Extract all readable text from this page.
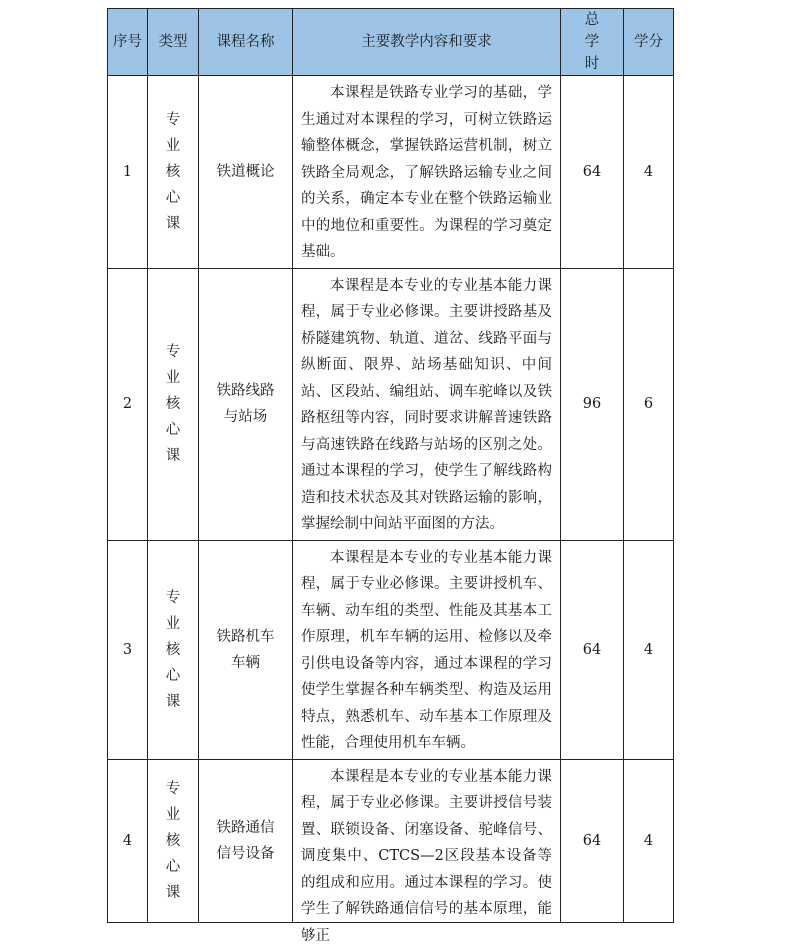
序号	类型	课程名称	主要教学内容和要求	总学时	学分
1	专业核心课	铁道概论	本课程是铁路专业学习的基础，学生通过对本课程的学习，可树立铁路运输整体概念，掌握铁路运营机制，树立铁路全局观念，了解铁路运输专业之间的关系，确定本专业在整个铁路运输业中的地位和重要性。为课程的学习奠定基础。	64	4
2	专业核心课	铁路线路与站场	本课程是本专业的专业基本能力课程，属于专业必修课。主要讲授路基及桥隧建筑物、轨道、道岔、线路平面与纵断面、限界、站场基础知识、中间站、区段站、编组站、调车驼峰以及铁路枢纽等内容，同时要求讲解普速铁路与高速铁路在线路与站场的区别之处。通过本课程的学习，使学生了解线路构造和技术状态及其对铁路运输的影响，掌握绘制中间站平面图的方法。	96	6
3	专业核心课	铁路机车车辆	本课程是本专业的专业基本能力课程，属于专业必修课。主要讲授机车、车辆、动车组的类型、性能及其基本工作原理，机车车辆的运用、检修以及牵引供电设备等内容，通过本课程的学习使学生掌握各种车辆类型、构造及运用特点，熟悉机车、动车基本工作原理及性能，合理使用机车车辆。	64	4
4	专业核心课	铁路通信信号设备	本课程是本专业的专业基本能力课程，属于专业必修课。主要讲授信号装置、联锁设备、闭塞设备、驼峰信号、调度集中、CTCS—2区段基本设备等的组成和应用。通过本课程的学习。使学生了解铁路通信信号的基本原理，能够正	64	4
